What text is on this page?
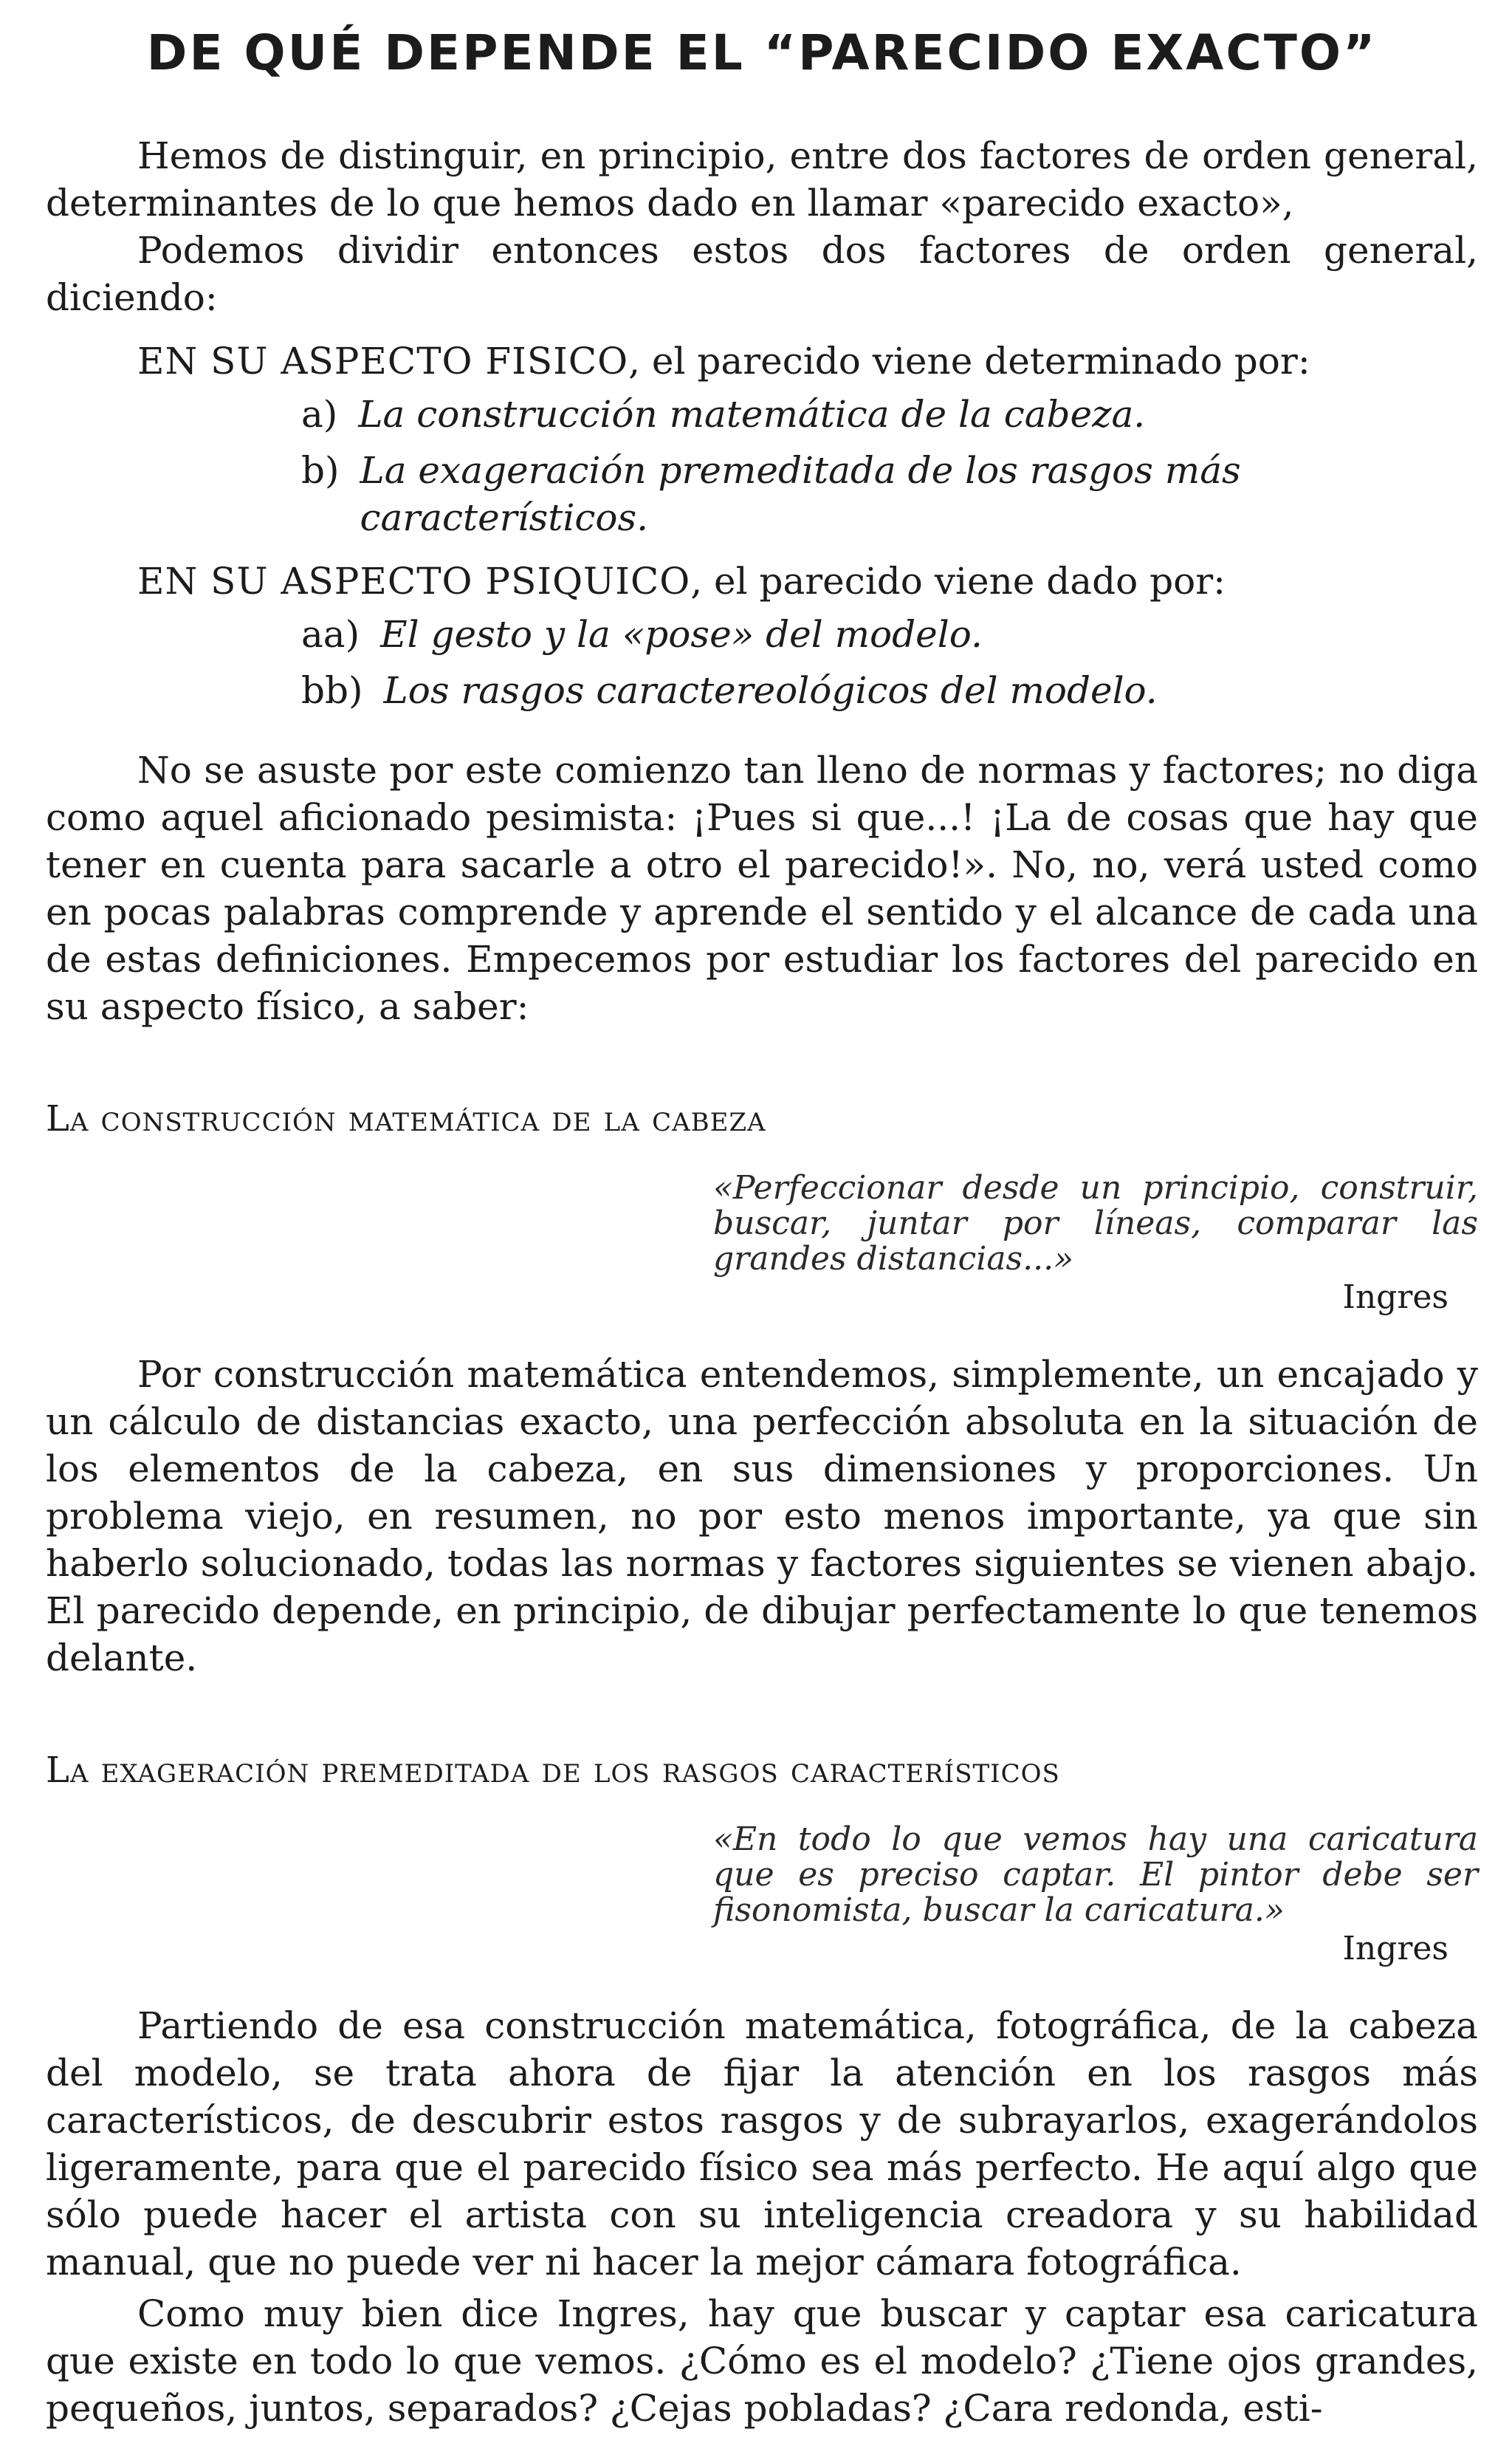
DE QUÉ DEPENDE EL “PARECIDO EXACTO”

Hemos de distinguir, en principio, entre dos factores de orden general, determinantes de lo que hemos dado en llamar «parecido exacto»,

Podemos dividir entonces estos dos factores de orden general, diciendo:

EN SU ASPECTO FISICO, el parecido viene determinado por:
a) La construcción matemática de la cabeza.
b) La exageración premeditada de los rasgos más característicos.
EN SU ASPECTO PSIQUICO, el parecido viene dado por:
aa) El gesto y la «pose» del modelo.
bb) Los rasgos caractereológicos del modelo.

No se asuste por este comienzo tan lleno de normas y factores; no diga como aquel aficionado pesimista: ¡Pues si que...! ¡La de cosas que hay que tener en cuenta para sacarle a otro el parecido!». No, no, verá usted como en pocas palabras comprende y aprende el sentido y el alcance de cada una de estas definiciones. Empecemos por estudiar los factores del parecido en su aspecto físico, a saber:

La construcción matemática de la cabeza
«Perfeccionar desde un principio, construir, buscar, juntar por líneas, comparar las grandes distancias...»
Ingres

Por construcción matemática entendemos, simplemente, un encajado y un cálculo de distancias exacto, una perfección absoluta en la situación de los elementos de la cabeza, en sus dimensiones y proporciones. Un problema viejo, en resumen, no por esto menos importante, ya que sin haberlo solucionado, todas las normas y factores siguientes se vienen abajo. El parecido depende, en principio, de dibujar perfectamente lo que tenemos delante.

La exageración premeditada de los rasgos característicos
«En todo lo que vemos hay una caricatura que es preciso captar. El pintor debe ser fisonomista, buscar la caricatura.»
Ingres

Partiendo de esa construcción matemática, fotográfica, de la cabeza del modelo, se trata ahora de fijar la atención en los rasgos más característicos, de descubrir estos rasgos y de subrayarlos, exagerándolos ligeramente, para que el parecido físico sea más perfecto. He aquí algo que sólo puede hacer el artista con su inteligencia creadora y su habilidad manual, que no puede ver ni hacer la mejor cámara fotográfica.

Como muy bien dice Ingres, hay que buscar y captar esa caricatura que existe en todo lo que vemos. ¿Cómo es el modelo? ¿Tiene ojos grandes, pequeños, juntos, separados? ¿Cejas pobladas? ¿Cara redonda, esti-
